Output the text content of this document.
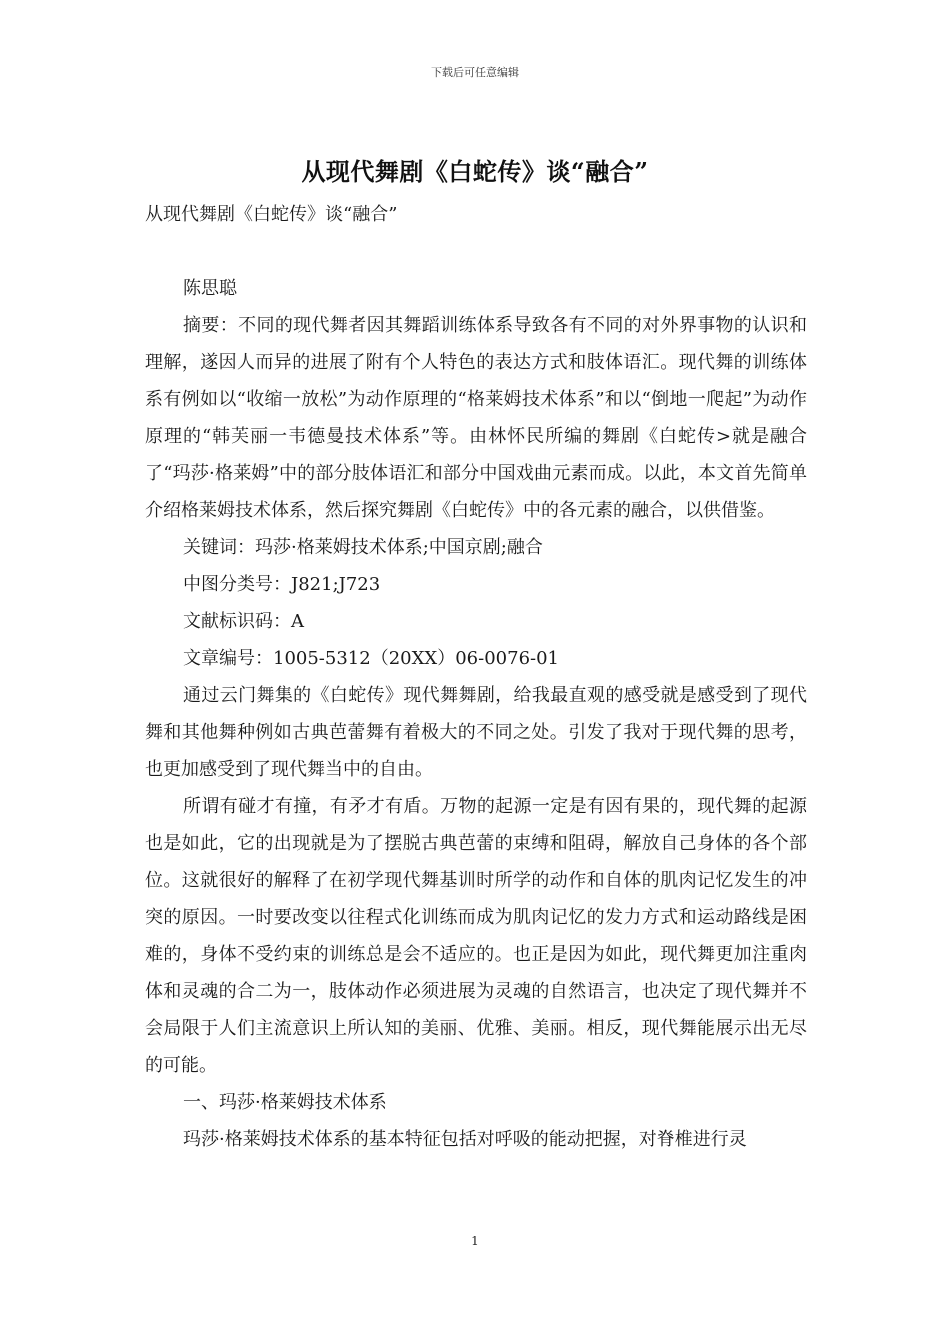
下载后可任意编辑
从现代舞剧《白蛇传》谈“融合”

从现代舞剧《白蛇传》谈“融合”

陈思聪

摘要：不同的现代舞者因其舞蹈训练体系导致各有不同的对外界事物的认识和理解，遂因人而异的进展了附有个人特色的表达方式和肢体语汇。现代舞的训练体系有例如以“收缩一放松”为动作原理的“格莱姆技术体系”和以“倒地一爬起”为动作原理的“韩芙丽一韦德曼技术体系”等。由林怀民所编的舞剧《白蛇传>就是融合了“玛莎·格莱姆”中的部分肢体语汇和部分中国戏曲元素而成。以此，本文首先简单介绍格莱姆技术体系，然后探究舞剧《白蛇传》中的各元素的融合，以供借鉴。

关键词：玛莎·格莱姆技术体系;中国京剧;融合

中图分类号：J821;J723

文献标识码：A

文章编号：1005-5312（20XX）06-0076-01

通过云门舞集的《白蛇传》现代舞舞剧，给我最直观的感受就是感受到了现代舞和其他舞种例如古典芭蕾舞有着极大的不同之处。引发了我对于现代舞的思考，也更加感受到了现代舞当中的自由。

所谓有碰才有撞，有矛才有盾。万物的起源一定是有因有果的，现代舞的起源也是如此，它的出现就是为了摆脱古典芭蕾的束缚和阻碍，解放自己身体的各个部位。这就很好的解释了在初学现代舞基训时所学的动作和自体的肌肉记忆发生的冲突的原因。一时要改变以往程式化训练而成为肌肉记忆的发力方式和运动路线是困难的，身体不受约束的训练总是会不适应的。也正是因为如此，现代舞更加注重肉体和灵魂的合二为一，肢体动作必须进展为灵魂的自然语言，也决定了现代舞并不会局限于人们主流意识上所认知的美丽、优雅、美丽。相反，现代舞能展示出无尽的可能。

一、玛莎·格莱姆技术体系

玛莎·格莱姆技术体系的基本特征包括对呼吸的能动把握，对脊椎进行灵

1
